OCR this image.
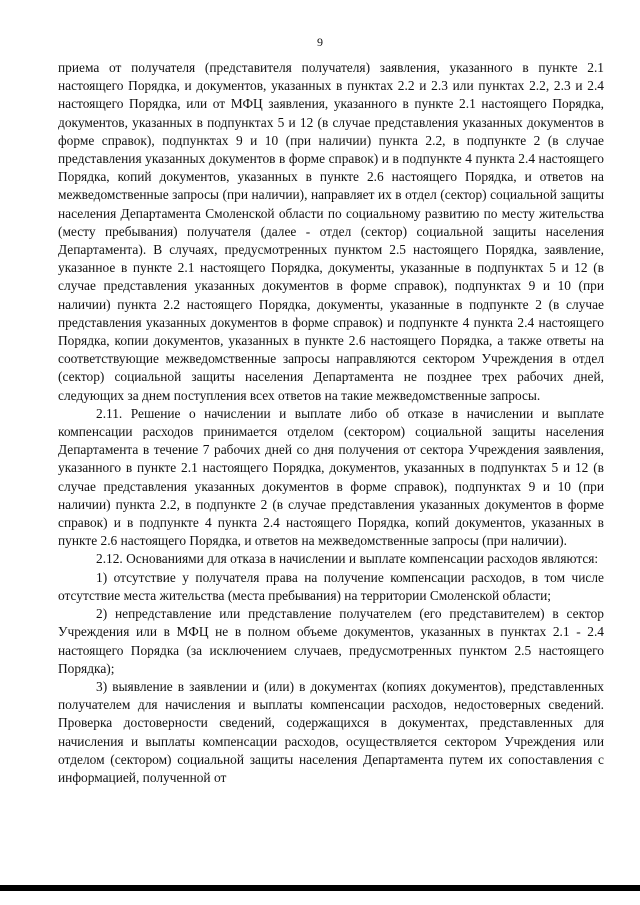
9

приема от получателя (представителя получателя) заявления, указанного в пункте 2.1 настоящего Порядка, и документов, указанных в пунктах 2.2 и 2.3 или пунктах 2.2, 2.3 и 2.4 настоящего Порядка, или от МФЦ заявления, указанного в пункте 2.1 настоящего Порядка, документов, указанных в подпунктах 5 и 12 (в случае представления указанных документов в форме справок), подпунктах 9 и 10 (при наличии) пункта 2.2, в подпункте 2 (в случае представления указанных документов в форме справок) и в подпункте 4 пункта 2.4 настоящего Порядка, копий документов, указанных в пункте 2.6 настоящего Порядка, и ответов на межведомственные запросы (при наличии), направляет их в отдел (сектор) социальной защиты населения Департамента Смоленской области по социальному развитию по месту жительства (месту пребывания) получателя (далее - отдел (сектор) социальной защиты населения Департамента). В случаях, предусмотренных пунктом 2.5 настоящего Порядка, заявление, указанное в пункте 2.1 настоящего Порядка, документы, указанные в подпунктах 5 и 12 (в случае представления указанных документов в форме справок), подпунктах 9 и 10 (при наличии) пункта 2.2 настоящего Порядка, документы, указанные в подпункте 2 (в случае представления указанных документов в форме справок) и подпункте 4 пункта 2.4 настоящего Порядка, копии документов, указанных в пункте 2.6 настоящего Порядка, а также ответы на соответствующие межведомственные запросы направляются сектором Учреждения в отдел (сектор) социальной защиты населения Департамента не позднее трех рабочих дней, следующих за днем поступления всех ответов на такие межведомственные запросы.

2.11. Решение о начислении и выплате либо об отказе в начислении и выплате компенсации расходов принимается отделом (сектором) социальной защиты населения Департамента в течение 7 рабочих дней со дня получения от сектора Учреждения заявления, указанного в пункте 2.1 настоящего Порядка, документов, указанных в подпунктах 5 и 12 (в случае представления указанных документов в форме справок), подпунктах 9 и 10 (при наличии) пункта 2.2, в подпункте 2 (в случае представления указанных документов в форме справок) и в подпункте 4 пункта 2.4 настоящего Порядка, копий документов, указанных в пункте 2.6 настоящего Порядка, и ответов на межведомственные запросы (при наличии).

2.12. Основаниями для отказа в начислении и выплате компенсации расходов являются:

1) отсутствие у получателя права на получение компенсации расходов, в том числе отсутствие места жительства (места пребывания) на территории Смоленской области;

2) непредставление или представление получателем (его представителем) в сектор Учреждения или в МФЦ не в полном объеме документов, указанных в пунктах 2.1 - 2.4 настоящего Порядка (за исключением случаев, предусмотренных пунктом 2.5 настоящего Порядка);

3) выявление в заявлении и (или) в документах (копиях документов), представленных получателем для начисления и выплаты компенсации расходов, недостоверных сведений. Проверка достоверности сведений, содержащихся в документах, представленных для начисления и выплаты компенсации расходов, осуществляется сектором Учреждения или отделом (сектором) социальной защиты населения Департамента путем их сопоставления с информацией, полученной от
